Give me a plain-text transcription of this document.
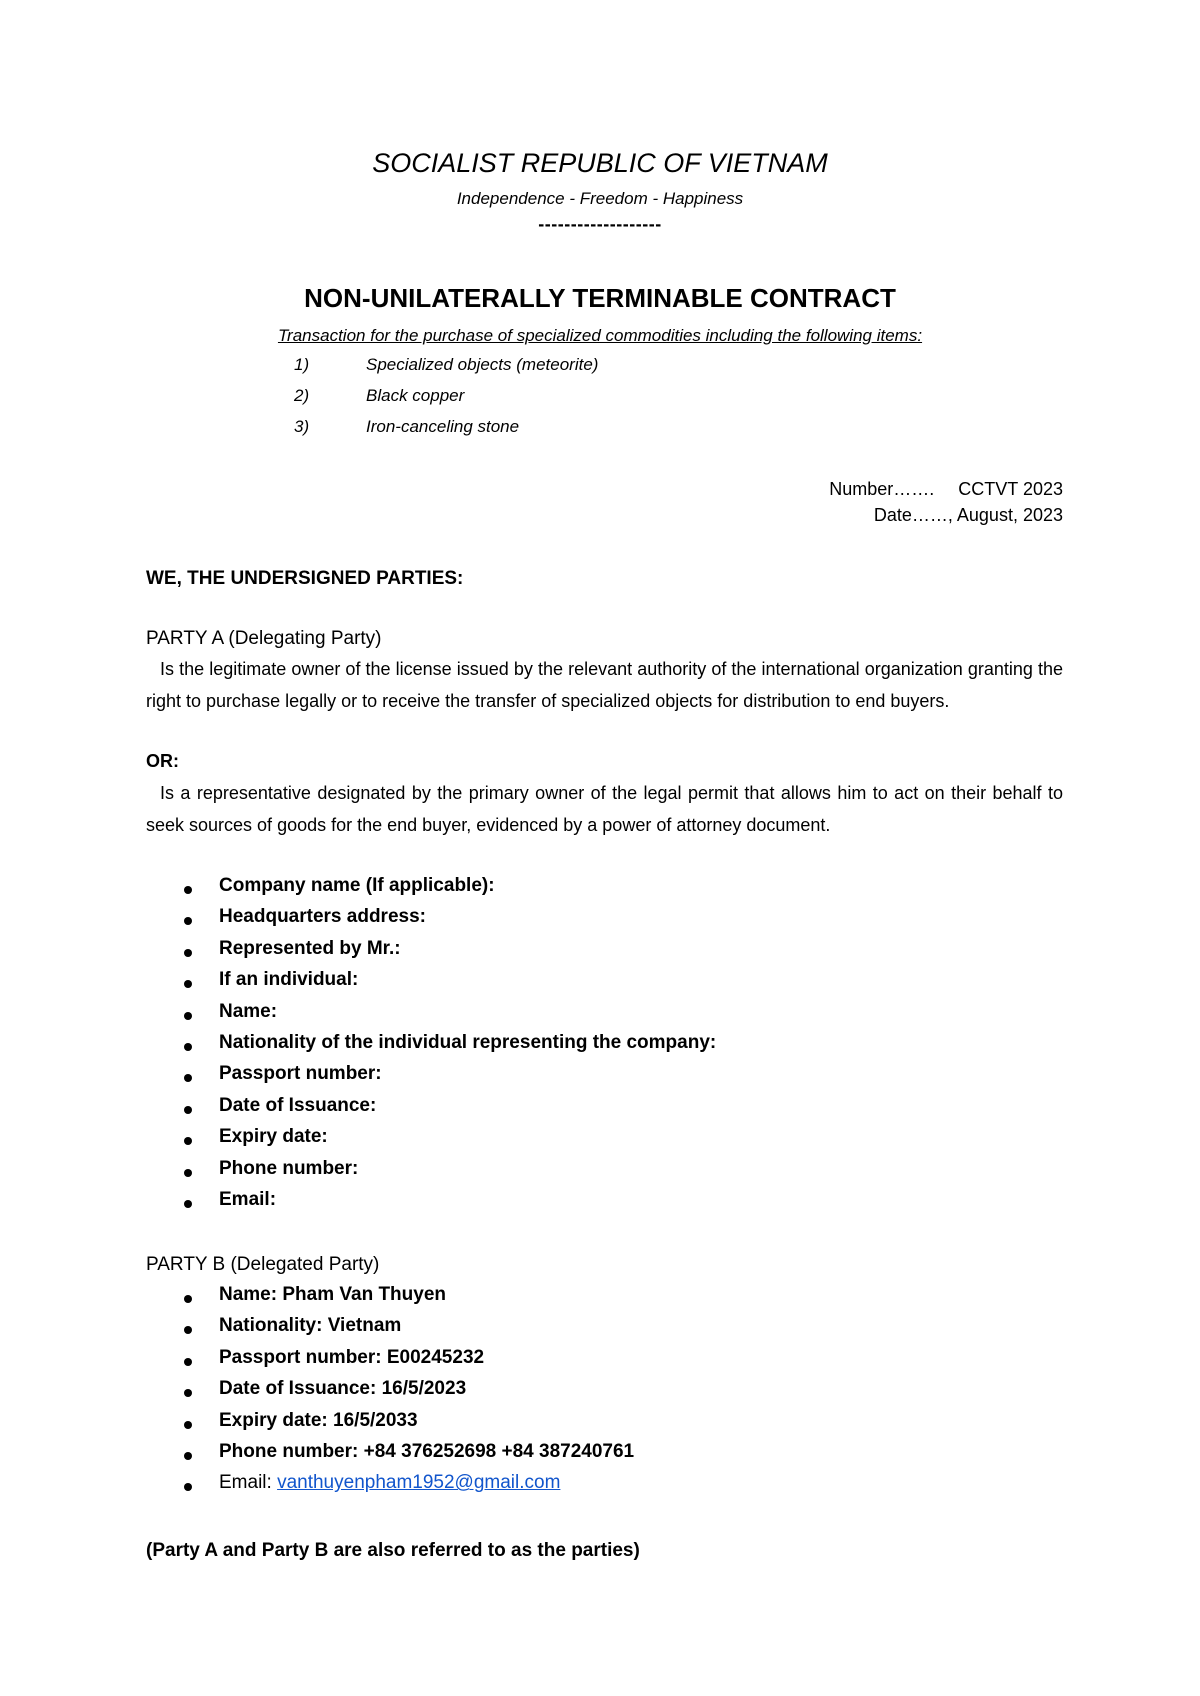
SOCIALIST REPUBLIC OF VIETNAM
Independence - Freedom - Happiness
-------------------
NON-UNILATERALLY TERMINABLE CONTRACT
Transaction for the purchase of specialized commodities including the following items:
1)	Specialized objects (meteorite)
2)	Black copper
3)	Iron-canceling stone
Number……. CCTVT 2023
Date……, August, 2023
WE, THE UNDERSIGNED PARTIES:
PARTY A (Delegating Party)
Is the legitimate owner of the license issued by the relevant authority of the international organization granting the right to purchase legally or to receive the transfer of specialized objects for distribution to end buyers.
OR:
Is a representative designated by the primary owner of the legal permit that allows him to act on their behalf to seek sources of goods for the end buyer, evidenced by a power of attorney document.
Company name (If applicable):
Headquarters address:
Represented by Mr.:
If an individual:
Name:
Nationality of the individual representing the company:
Passport number:
Date of Issuance:
Expiry date:
Phone number:
Email:
PARTY B (Delegated Party)
Name: Pham Van Thuyen
Nationality: Vietnam
Passport number: E00245232
Date of Issuance: 16/5/2023
Expiry date: 16/5/2033
Phone number: +84 376252698 +84 387240761
Email: vanthuyenpham1952@gmail.com
(Party A and Party B are also referred to as the parties)
